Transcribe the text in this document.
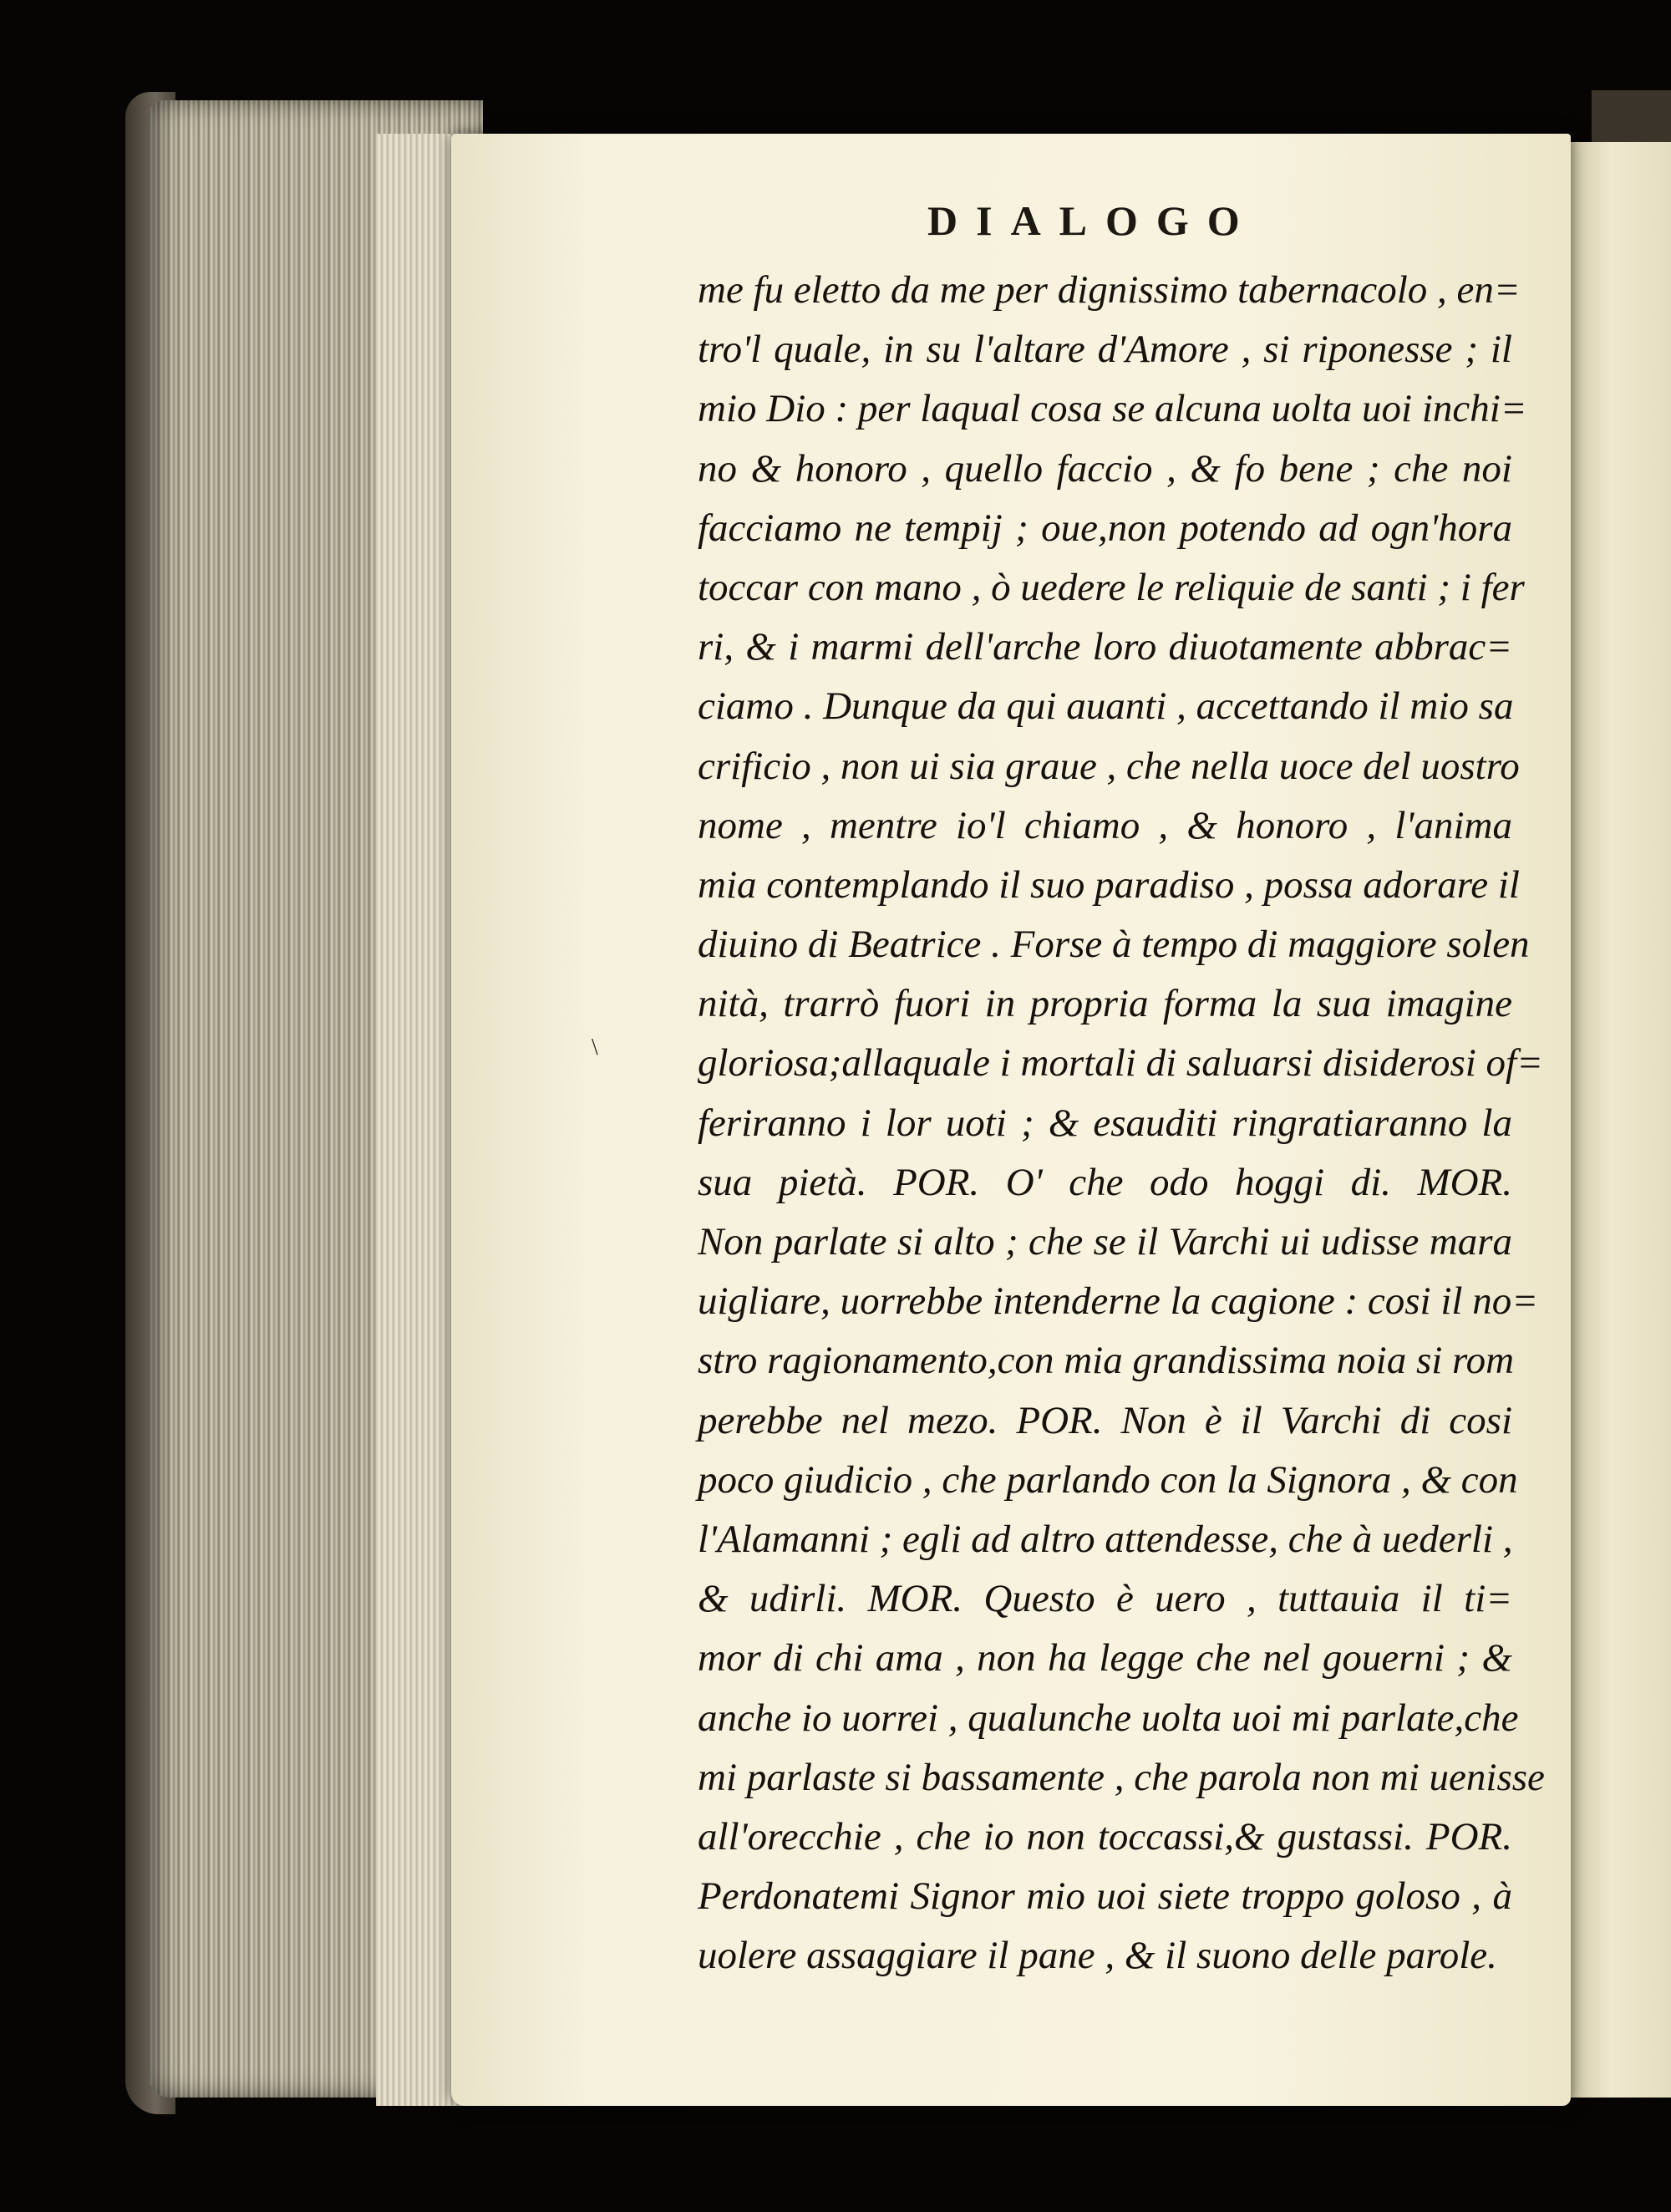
DIALOGO
\
me fu eletto da me per dignissimo tabernacolo , en=
tro'l quale, in su l'altare d'Amore , si riponesse ; il
mio Dio : per laqual cosa se alcuna uolta uoi inchi=
no & honoro , quello faccio , & fo bene ; che noi
facciamo ne tempij ; oue,non potendo ad ogn'hora
toccar con mano , ò uedere le reliquie de santi ; i fer
ri, & i marmi dell'arche loro diuotamente abbrac=
ciamo . Dunque da qui auanti , accettando il mio sa
crificio , non ui sia graue , che nella uoce del uostro
nome , mentre io'l chiamo , & honoro , l'anima
mia contemplando il suo paradiso , possa adorare il
diuino di Beatrice . Forse à tempo di maggiore solen
nità, trarrò fuori in propria forma la sua imagine
gloriosa;allaquale i mortali di saluarsi disiderosi of=
feriranno i lor uoti ; & esauditi ringratiaranno la
sua pietà. POR. O' che odo hoggi di. MOR.
Non parlate si alto ; che se il Varchi ui udisse mara
uigliare, uorrebbe intenderne la cagione : cosi il no=
stro ragionamento,con mia grandissima noia si rom
perebbe nel mezo. POR. Non è il Varchi di cosi
poco giudicio , che parlando con la Signora , & con
l'Alamanni ; egli ad altro attendesse, che à uederli ,
& udirli. MOR. Questo è uero , tuttauia il ti=
mor di chi ama , non ha legge che nel gouerni ; &
anche io uorrei , qualunche uolta uoi mi parlate,che
mi parlaste si bassamente , che parola non mi uenisse
all'orecchie , che io non toccassi,& gustassi. POR.
Perdonatemi Signor mio uoi siete troppo goloso , à
uolere assaggiare il pane , & il suono delle parole.
